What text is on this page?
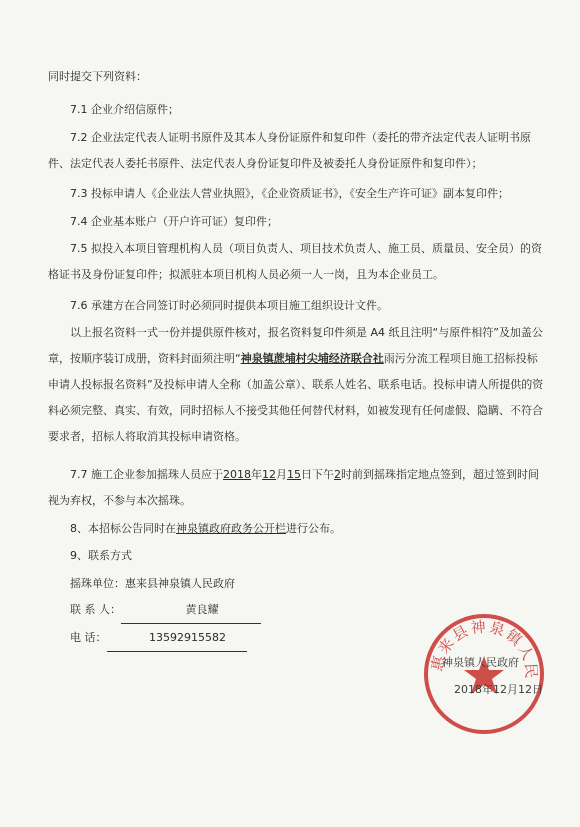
同时提交下列资料：
7.1 企业介绍信原件；
7.2 企业法定代表人证明书原件及其本人身份证原件和复印件（委托的带齐法定代表人证明书原件、法定代表人委托书原件、法定代表人身份证复印件及被委托人身份证原件和复印件）；
7.3 投标申请人《企业法人营业执照》，《企业资质证书》，《安全生产许可证》副本复印件；
7.4 企业基本账户（开户许可证）复印件；
7.5 拟投入本项目管理机构人员（项目负责人、项目技术负责人、施工员、质量员、安全员）的资格证书及身份证复印件；拟派驻本项目机构人员必须一人一岗，且为本企业员工。
7.6 承建方在合同签订时必须同时提供本项目施工组织设计文件。
以上报名资料一式一份并提供原件核对，报名资料复印件须是 A4 纸且注明“与原件相符”及加盖公章，按顺序装订成册，资料封面须注明“神泉镇蔗埔村尖埔经济联合社雨污分流工程项目施工招标投标申请人投标报名资料”及投标申请人全称（加盖公章）、联系人姓名、联系电话。投标申请人所提供的资料必须完整、真实、有效，同时招标人不接受其他任何替代材料，如被发现有任何虚假、隐瞒、不符合要求者，招标人将取消其投标申请资格。
7.7 施工企业参加摇珠人员应于2018年12月15日下午2时前到摇珠指定地点签到，超过签到时间视为弃权，不参与本次摇珠。
8、本招标公告同时在神泉镇政府政务公开栏进行公布。
9、联系方式
摇珠单位：惠来县神泉镇人民政府
联 系 人：	黄良耀
电 话：	13592915582
惠来县神泉镇人民
神泉镇人民政府
2018年12月12日
